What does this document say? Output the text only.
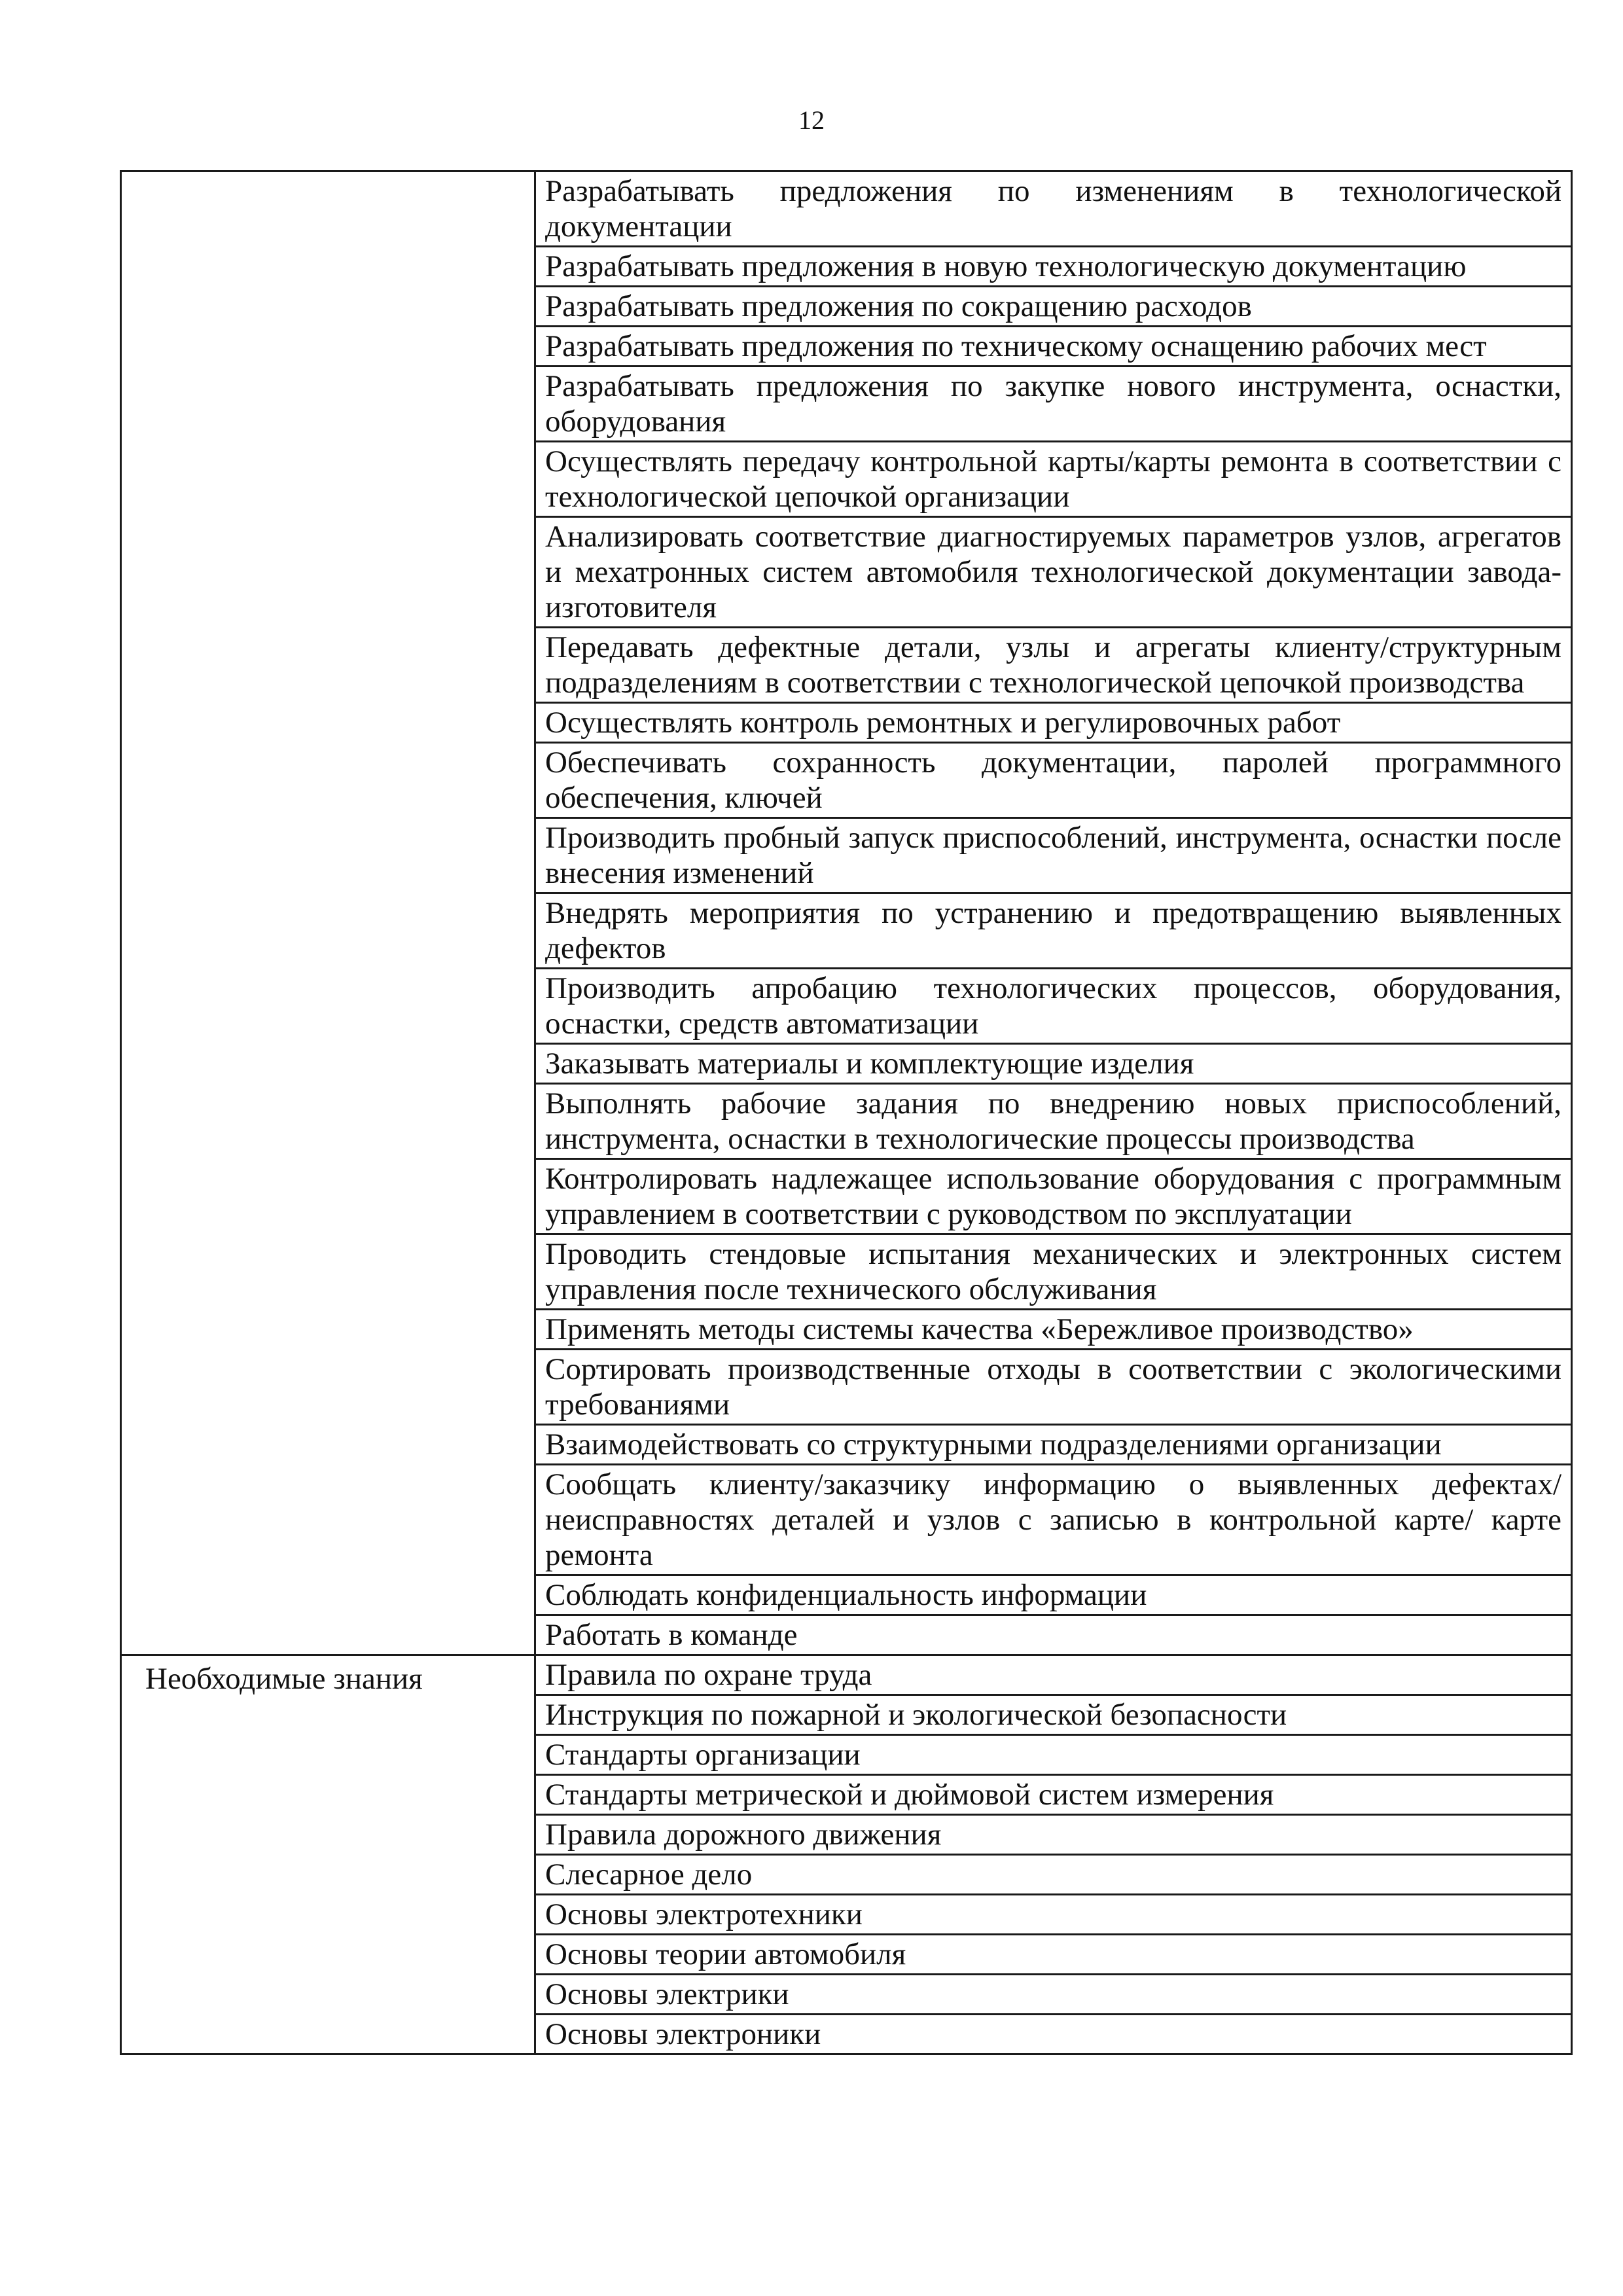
12
	Разрабатывать предложения по изменениям в технологической документации
	Разрабатывать предложения в новую технологическую документацию
	Разрабатывать предложения по сокращению расходов
	Разрабатывать предложения по техническому оснащению рабочих мест
	Разрабатывать предложения по закупке нового инструмента, оснастки, оборудования
	Осуществлять передачу контрольной карты/карты ремонта в соответствии с технологической цепочкой организации
	Анализировать соответствие диагностируемых параметров узлов, агрегатов и мехатронных систем автомобиля технологической документации завода-изготовителя
	Передавать дефектные детали, узлы и агрегаты клиенту/структурным подразделениям в соответствии с технологической цепочкой производства
	Осуществлять контроль ремонтных и регулировочных работ
	Обеспечивать сохранность документации, паролей программного обеспечения, ключей
	Производить пробный запуск приспособлений, инструмента, оснастки после внесения изменений
	Внедрять мероприятия по устранению и предотвращению выявленных дефектов
	Производить апробацию технологических процессов, оборудования, оснастки, средств автоматизации
	Заказывать материалы и комплектующие изделия
	Выполнять рабочие задания по внедрению новых приспособлений, инструмента, оснастки в технологические процессы производства
	Контролировать надлежащее использование оборудования с программным управлением в соответствии с руководством по эксплуатации
	Проводить стендовые испытания механических и электронных систем управления после технического обслуживания
	Применять методы системы качества «Бережливое производство»
	Сортировать производственные отходы в соответствии с экологическими требованиями
	Взаимодействовать со структурными подразделениями организации
	Сообщать клиенту/заказчику информацию о выявленных дефектах/неисправностях деталей и узлов с записью в контрольной карте/ карте ремонта
	Соблюдать конфиденциальность информации
	Работать в команде
Необходимые знания	Правила по охране труда
	Инструкция по пожарной и экологической безопасности
	Стандарты организации
	Стандарты метрической и дюймовой систем измерения
	Правила дорожного движения
	Слесарное дело
	Основы электротехники
	Основы теории автомобиля
	Основы электрики
	Основы электроники
